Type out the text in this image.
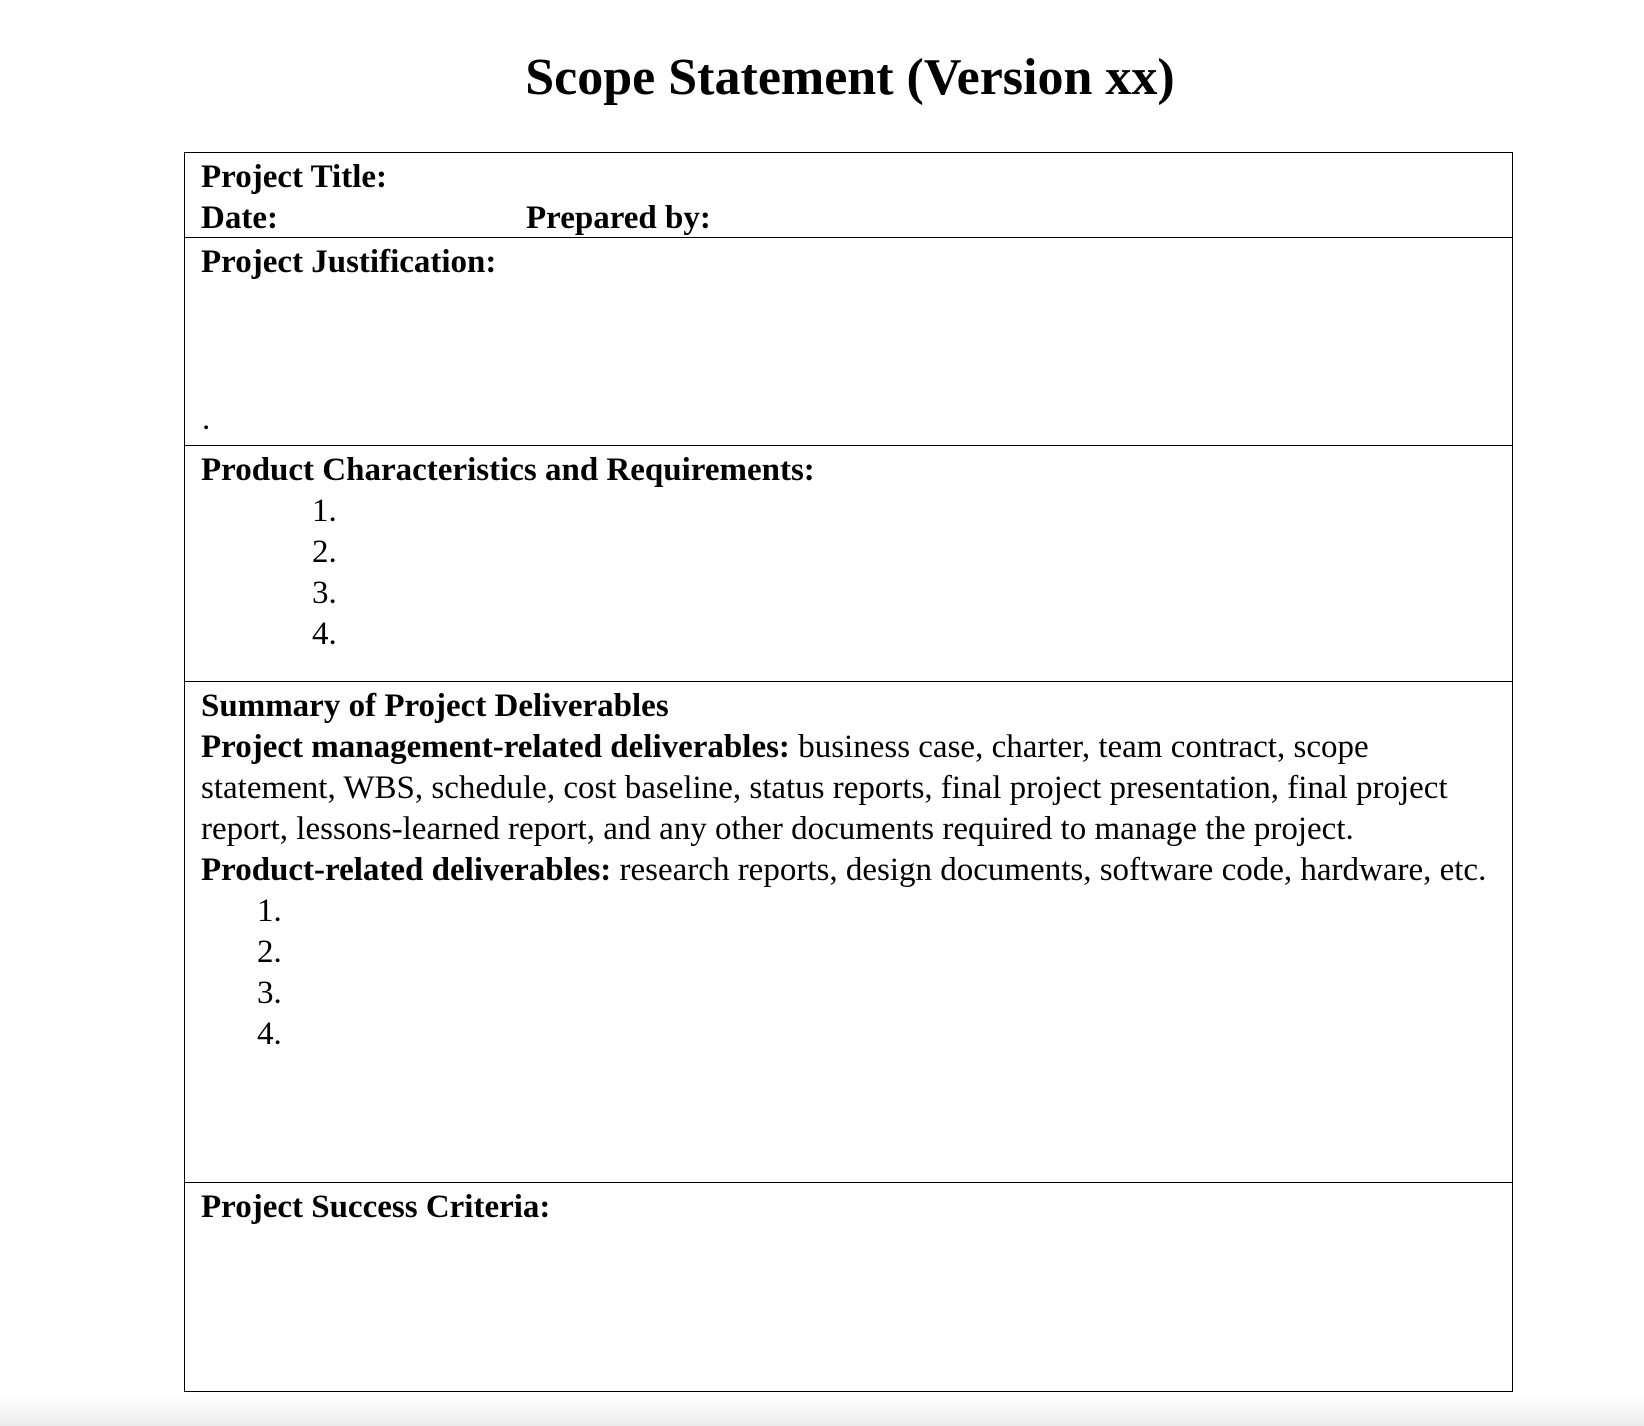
Scope Statement (Version xx)
Project Title:
Date:	Prepared by:
Project Justification:
.
Product Characteristics and Requirements:
1.
2.
3.
4.
Summary of Project Deliverables

Project management-related deliverables: business case, charter, team contract, scope statement, WBS, schedule, cost baseline, status reports, final project presentation, final project report, lessons-learned report, and any other documents required to manage the project.

Product-related deliverables: research reports, design documents, software code, hardware, etc.

1.
2.
3.
4.
Project Success Criteria:
